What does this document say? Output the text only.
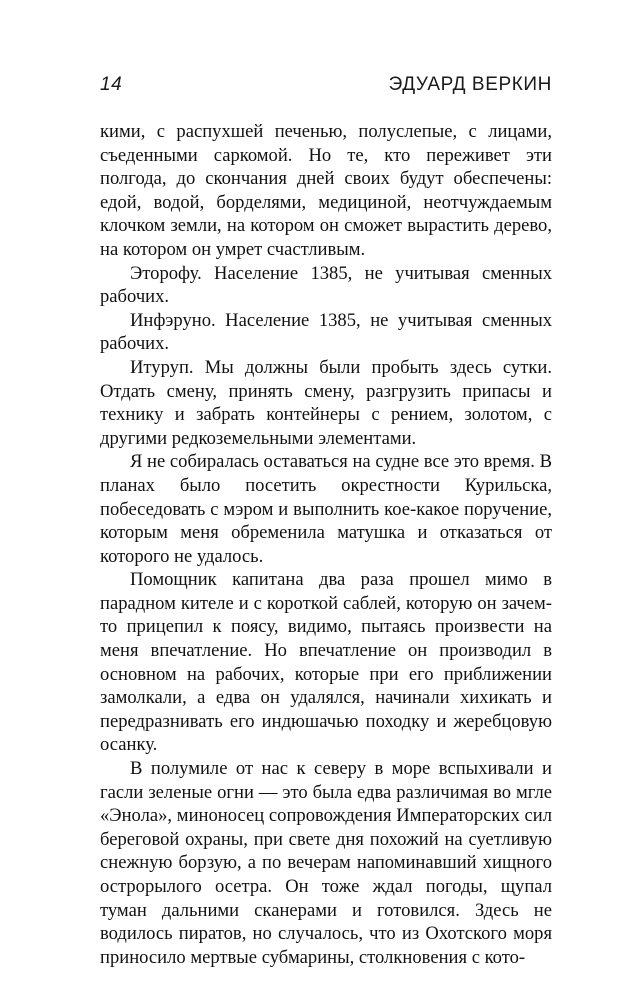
14	ЭДУАРД ВЕРКИН

кими, с распухшей печенью, полуслепые, с лицами, съеденными саркомой. Но те, кто переживет эти полгода, до скончания дней своих будут обеспечены: едой, водой, борделями, медициной, неотчуждаемым клочком земли, на котором он сможет вырастить дерево, на котором он умрет счастливым.

Эторофу. Население 1385, не учитывая сменных рабочих.

Инфэруно. Население 1385, не учитывая сменных рабочих.

Итуруп. Мы должны были пробыть здесь сутки. Отдать смену, принять смену, разгрузить припасы и технику и забрать контейнеры с рением, золотом, с другими редкоземельными элементами.

Я не собиралась оставаться на судне все это время. В планах было посетить окрестности Курильска, побеседовать с мэром и выполнить кое-какое поручение, которым меня обременила матушка и отказаться от которого не удалось.

Помощник капитана два раза прошел мимо в парадном кителе и с короткой саблей, которую он зачем-то прицепил к поясу, видимо, пытаясь произвести на меня впечатление. Но впечатление он производил в основном на рабочих, которые при его приближении замолкали, а едва он удалялся, начинали хихикать и передразнивать его индюшачью походку и жеребцовую осанку.

В полумиле от нас к северу в море вспыхивали и гасли зеленые огни — это была едва различимая во мгле «Энола», миноносец сопровождения Императорских сил береговой охраны, при свете дня похожий на суетливую снежную борзую, а по вечерам напоминавший хищного острорылого осетра. Он тоже ждал погоды, щупал туман дальними сканерами и готовился. Здесь не водилось пиратов, но случалось, что из Охотского моря приносило мертвые субмарины, столкновения с кото-
